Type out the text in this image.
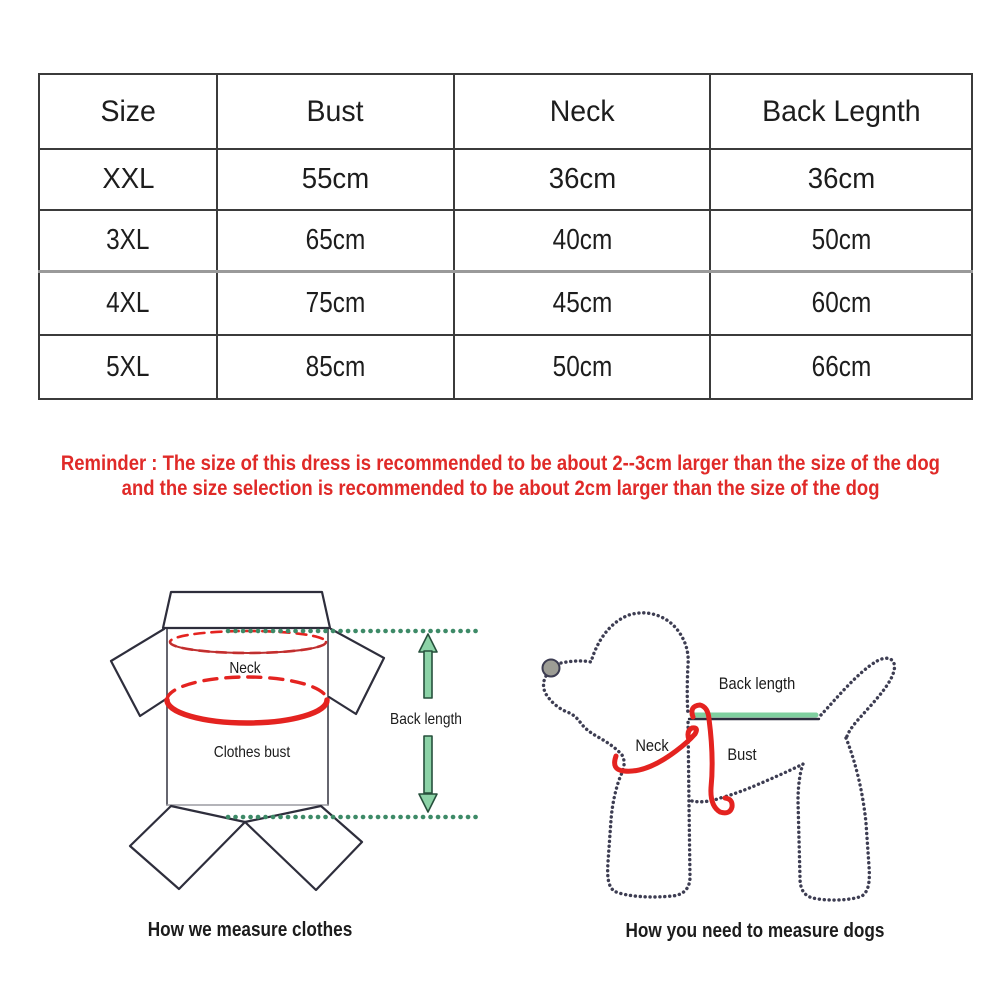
Size	Bust	Neck	Back Legnth
XXL	55cm	36cm	36cm
3XL	65cm	40cm	50cm
4XL	75cm	45cm	60cm
5XL	85cm	50cm	66cm
Reminder : The size of this dress is recommended to be about 2--3cm larger than the size of the dog
and the size selection is recommended to be about 2cm larger than the size of the dog
Neck
Clothes bust
Back length
Back length
Neck	Bust
How we measure clothes	How you need to measure dogs
